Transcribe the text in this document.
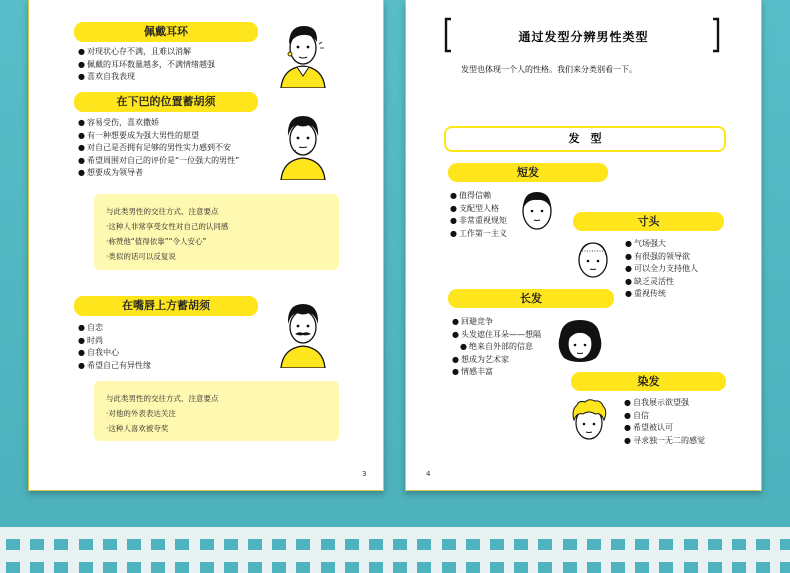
佩戴耳环
● 对现状心存不满，且难以消解
● 佩戴的耳环数量越多，不满情绪越强
● 喜欢自我表现
在下巴的位置蓄胡须
● 容易受伤，喜欢撒娇
● 有一种想要成为强大男性的愿望
● 对自己是否拥有足够的男性实力感到不安
● 希望周围对自己的评价是“一位强大的男性”
● 想要成为领导者
与此类男性的交往方式、注意要点
·这种人非常享受女性对自己的认同感
·称赞他“值得依靠”“令人安心”
·类似的话可以反复说
在嘴唇上方蓄胡须
● 自恋
● 时尚
● 自我中心
● 希望自己有异性缘
与此类男性的交往方式、注意要点
·对他的外表表达关注
·这种人喜欢被夸奖
3
通过发型分辨男性类型
发型也体现一个人的性格。我们来分类别看一下。
发　型
短发
● 值得信赖
● 支配型人格
● 非常重视规矩
● 工作第一主义
寸头
● 气场强大
● 有很强的领导欲
● 可以全力支持他人
● 缺乏灵活性
● 重视传统
长发
● 回避竞争
● 头发遮住耳朵——想隔
● 绝来自外部的信息
● 想成为艺术家
● 情感丰富
染发
● 自我展示欲望强
● 自信
● 希望被认可
● 寻求独一无二的感觉
4
